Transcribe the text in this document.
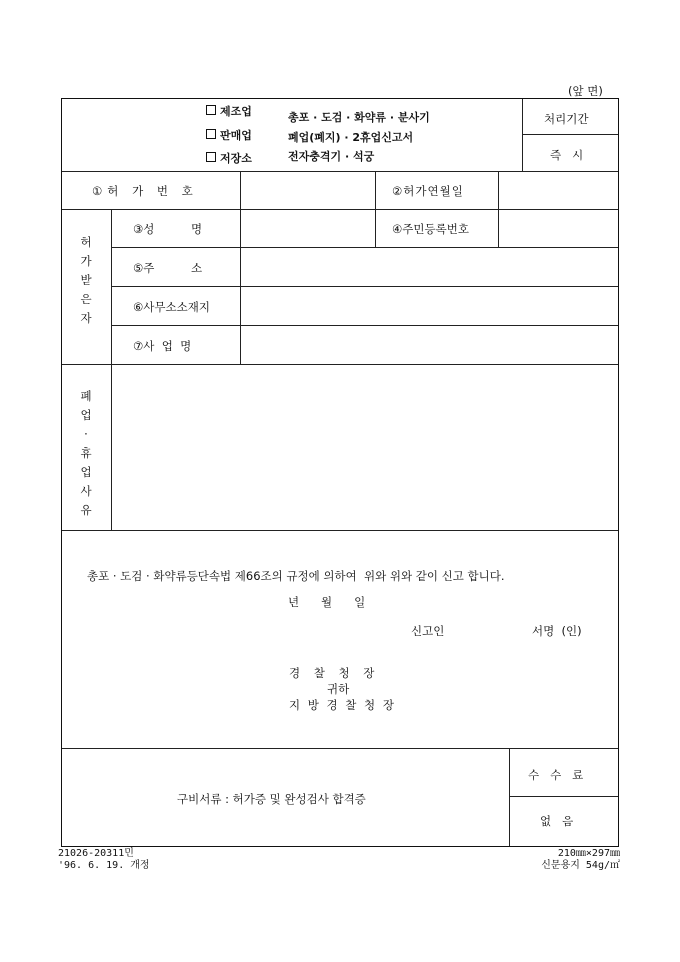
(앞 면)
제조업
판매업
저장소
총포 · 도검 · 화약류 · 분사기
폐업(폐지) · 2휴업신고서
전자충격기 · 석궁
처리기간
즉   시
①허 가 번 호	②허가연월일
허
가
받
은
자
③성          명	④주민등록번호
⑤주          소
⑥사무소소재지
⑦사  업  명
폐
업
·
휴
업
사
유
총포 · 도검 · 화약류등단속법 제66조의 규정에 의하여  위와 위와 같이 신고 합니다.
년      월      일
신고인	서명  (인)
경 찰 청 장
귀하
지 방 경 찰 청 장
구비서류 : 허가증 및 완성검사 합격증
수   수   료
없   음
21026-20311민
'96. 6. 19. 개정
210㎜×297㎜
신문용지 54g/㎡
